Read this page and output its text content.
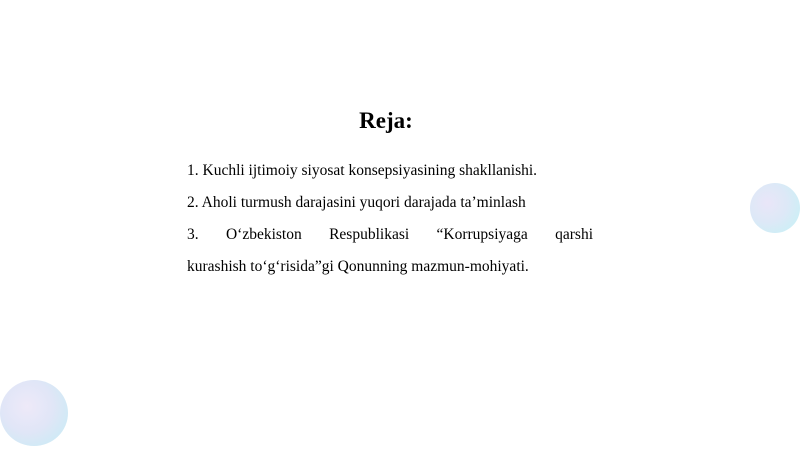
Reja:
1. Kuchli ijtimoiy siyosat konsepsiyasining shakllanishi.
2. Aholi turmush darajasini yuqori darajada ta’minlash
3. O‘zbekiston Respublikasi “Korrupsiyaga qarshi
kurashish to‘g‘risida”gi Qonunning mazmun-mohiyati.
